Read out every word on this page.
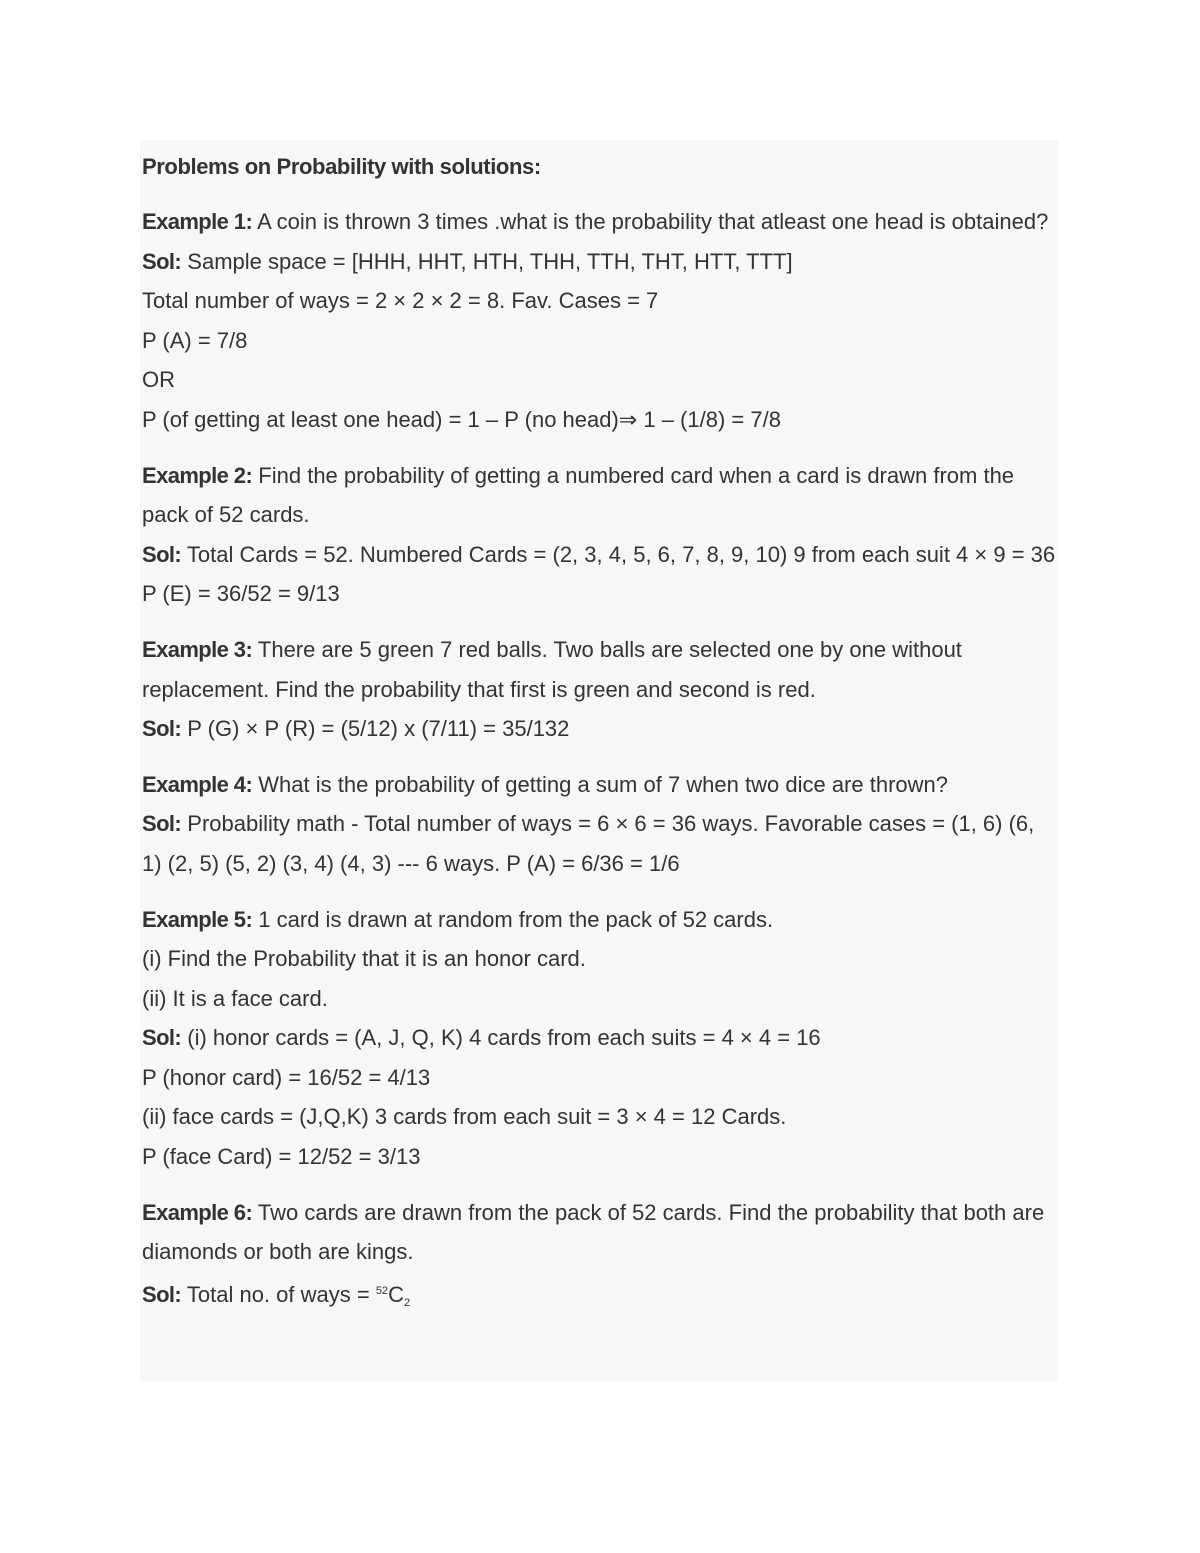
Problems on Probability with solutions:
Example 1: A coin is thrown 3 times .what is the probability that atleast one head is obtained?
Sol: Sample space = [HHH, HHT, HTH, THH, TTH, THT, HTT, TTT]
Total number of ways = 2 × 2 × 2 = 8. Fav. Cases = 7
P (A) = 7/8
OR
P (of getting at least one head) = 1 – P (no head)⇒ 1 – (1/8) = 7/8
Example 2: Find the probability of getting a numbered card when a card is drawn from the pack of 52 cards.
Sol: Total Cards = 52. Numbered Cards = (2, 3, 4, 5, 6, 7, 8, 9, 10) 9 from each suit 4 × 9 = 36
P (E) = 36/52 = 9/13
Example 3: There are 5 green 7 red balls. Two balls are selected one by one without replacement. Find the probability that first is green and second is red.
Sol: P (G) × P (R) = (5/12) x (7/11) = 35/132
Example 4: What is the probability of getting a sum of 7 when two dice are thrown?
Sol: Probability math - Total number of ways = 6 × 6 = 36 ways. Favorable cases = (1, 6) (6, 1) (2, 5) (5, 2) (3, 4) (4, 3) --- 6 ways. P (A) = 6/36 = 1/6
Example 5: 1 card is drawn at random from the pack of 52 cards.
(i) Find the Probability that it is an honor card.
(ii) It is a face card.
Sol: (i) honor cards = (A, J, Q, K) 4 cards from each suits = 4 × 4 = 16
P (honor card) = 16/52 = 4/13
(ii) face cards = (J,Q,K) 3 cards from each suit = 3 × 4 = 12 Cards.
P (face Card) = 12/52 = 3/13
Example 6: Two cards are drawn from the pack of 52 cards. Find the probability that both are diamonds or both are kings.
Sol: Total no. of ways = $^{52}C_2$
